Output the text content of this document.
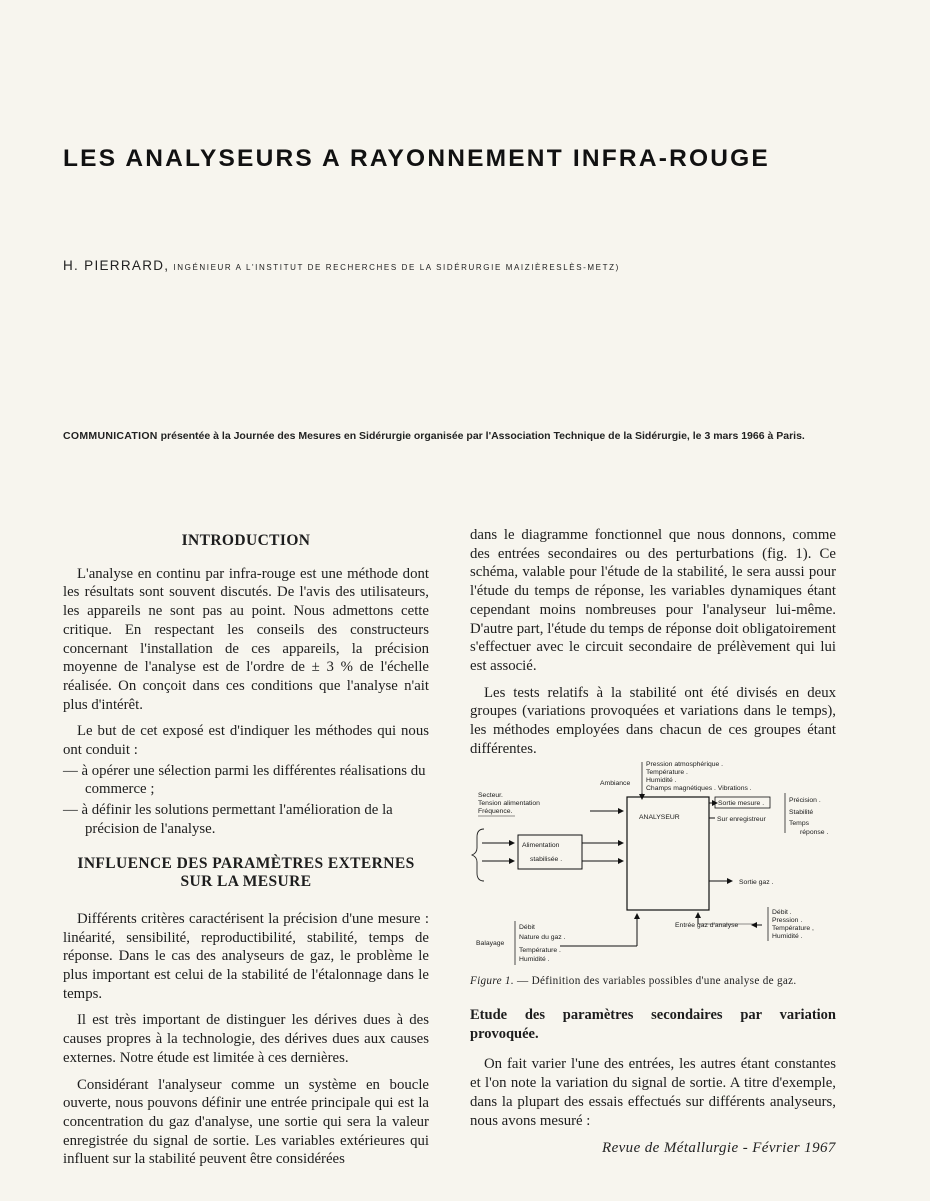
LES ANALYSEURS A RAYONNEMENT INFRA-ROUGE
H. PIERRARD, INGÉNIEUR A L'INSTITUT DE RECHERCHES DE LA SIDÉRURGIE MAIZIÈRESLÈS-METZ)
COMMUNICATION présentée à la Journée des Mesures en Sidérurgie organisée par l'Association Technique de la Sidérurgie, le 3 mars 1966 à Paris.
INTRODUCTION

L'analyse en continu par infra-rouge est une méthode dont les résultats sont souvent discutés. De l'avis des utilisateurs, les appareils ne sont pas au point. Nous admettons cette critique. En respectant les conseils des constructeurs concernant l'installation de ces appareils, la précision moyenne de l'analyse est de l'ordre de ± 3 % de l'échelle réalisée. On conçoit dans ces conditions que l'analyse n'ait plus d'intérêt.

Le but de cet exposé est d'indiquer les méthodes qui nous ont conduit :

— à opérer une sélection parmi les différentes réalisations du commerce ;

— à définir les solutions permettant l'amélioration de la précision de l'analyse.

INFLUENCE DES PARAMÈTRES EXTERNES
SUR LA MESURE

Différents critères caractérisent la précision d'une mesure : linéarité, sensibilité, reproductibilité, stabilité, temps de réponse. Dans le cas des analyseurs de gaz, le problème le plus important est celui de la stabilité de l'étalonnage dans le temps.

Il est très important de distinguer les dérives dues à des causes propres à la technologie, des dérives dues aux causes externes. Notre étude est limitée à ces dernières.

Considérant l'analyseur comme un système en boucle ouverte, nous pouvons définir une entrée principale qui est la concentration du gaz d'analyse, une sortie qui sera la valeur enregistrée du signal de sortie. Les variables extérieures qui influent sur la stabilité peuvent être considérées

dans le diagramme fonctionnel que nous donnons, comme des entrées secondaires ou des perturbations (fig. 1). Ce schéma, valable pour l'étude de la stabilité, le sera aussi pour l'étude du temps de réponse, les variables dynamiques étant cependant moins nombreuses pour l'analyseur lui-même. D'autre part, l'étude du temps de réponse doit obligatoirement s'effectuer avec le circuit secondaire de prélèvement qui lui est associé.

Les tests relatifs à la stabilité ont été divisés en deux groupes (variations provoquées et variations dans le temps), les méthodes employées dans chacun de ces groupes étant différentes.

Ambiance
Pression atmosphérique .
Température .
Humidité .
Champs magnétiques . Vibrations .
Secteur.
Tension alimentation
Fréquence.
ANALYSEUR
Sortie mesure .
Sur enregistreur
Précision .
Stabilité
Temps
réponse .
Alimentation
stabilisée .
Sortie gaz .
Entrée gaz d'analyse
Débit .
Pression .
Température ,
Humidité .
Balayage
Débit
Nature du gaz .
Température .
Humidité .
Figure 1. — Définition des variables possibles d'une analyse de gaz.

Etude des paramètres secondaires par variation provoquée.

On fait varier l'une des entrées, les autres étant constantes et l'on note la variation du signal de sortie. A titre d'exemple, dans la plupart des essais effectués sur différents analyseurs, nous avons mesuré :

Revue de Métallurgie - Février 1967
